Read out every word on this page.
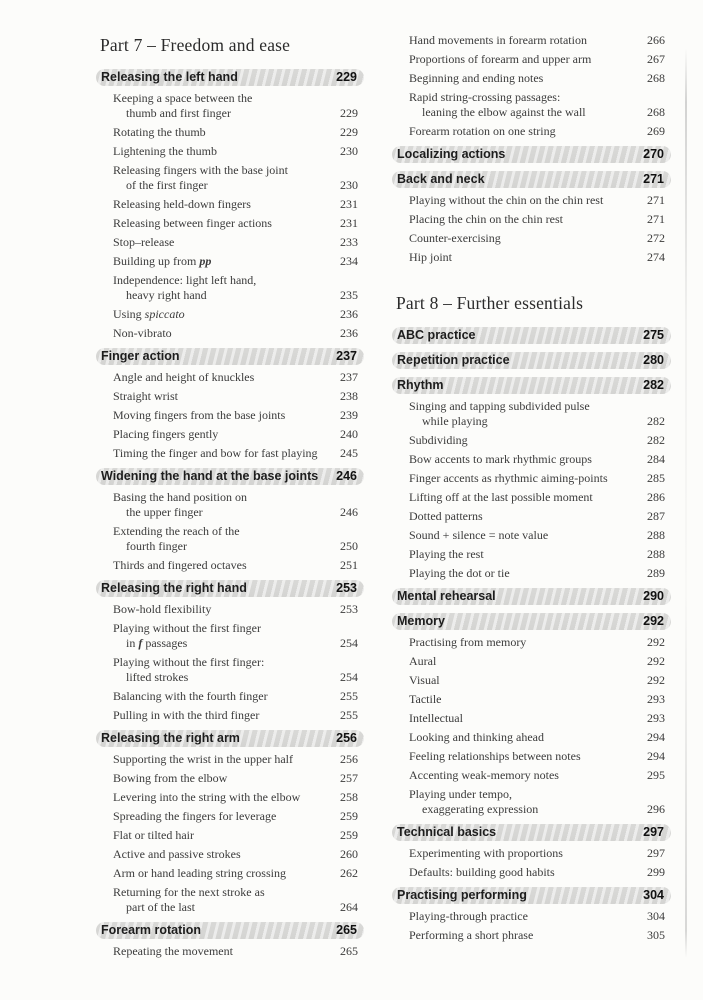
Part 7 – Freedom and ease
Releasing the left hand	229
Keeping a space between the
thumb and first finger	229
Rotating the thumb	229
Lightening the thumb	230
Releasing fingers with the base joint
of the first finger	230
Releasing held-down fingers	231
Releasing between finger actions	231
Stop–release	233
Building up from pp	234
Independence: light left hand,
heavy right hand	235
Using spiccato	236
Non-vibrato	236
Finger action	237
Angle and height of knuckles	237
Straight wrist	238
Moving fingers from the base joints	239
Placing fingers gently	240
Timing the finger and bow for fast playing	245
Widening the hand at the base joints	246
Basing the hand position on
the upper finger	246
Extending the reach of the
fourth finger	250
Thirds and fingered octaves	251
Releasing the right hand	253
Bow-hold flexibility	253
Playing without the first finger
in f passages	254
Playing without the first finger:
lifted strokes	254
Balancing with the fourth finger	255
Pulling in with the third finger	255
Releasing the right arm	256
Supporting the wrist in the upper half	256
Bowing from the elbow	257
Levering into the string with the elbow	258
Spreading the fingers for leverage	259
Flat or tilted hair	259
Active and passive strokes	260
Arm or hand leading string crossing	262
Returning for the next stroke as
part of the last	264
Forearm rotation	265
Repeating the movement	265
Hand movements in forearm rotation	266
Proportions of forearm and upper arm	267
Beginning and ending notes	268
Rapid string-crossing passages:
leaning the elbow against the wall	268
Forearm rotation on one string	269
Localizing actions	270
Back and neck	271
Playing without the chin on the chin rest	271
Placing the chin on the chin rest	271
Counter-exercising	272
Hip joint	274
Part 8 – Further essentials
ABC practice	275
Repetition practice	280
Rhythm	282
Singing and tapping subdivided pulse
while playing	282
Subdividing	282
Bow accents to mark rhythmic groups	284
Finger accents as rhythmic aiming-points	285
Lifting off at the last possible moment	286
Dotted patterns	287
Sound + silence = note value	288
Playing the rest	288
Playing the dot or tie	289
Mental rehearsal	290
Memory	292
Practising from memory	292
Aural	292
Visual	292
Tactile	293
Intellectual	293
Looking and thinking ahead	294
Feeling relationships between notes	294
Accenting weak-memory notes	295
Playing under tempo,
exaggerating expression	296
Technical basics	297
Experimenting with proportions	297
Defaults: building good habits	299
Practising performing	304
Playing-through practice	304
Performing a short phrase	305
